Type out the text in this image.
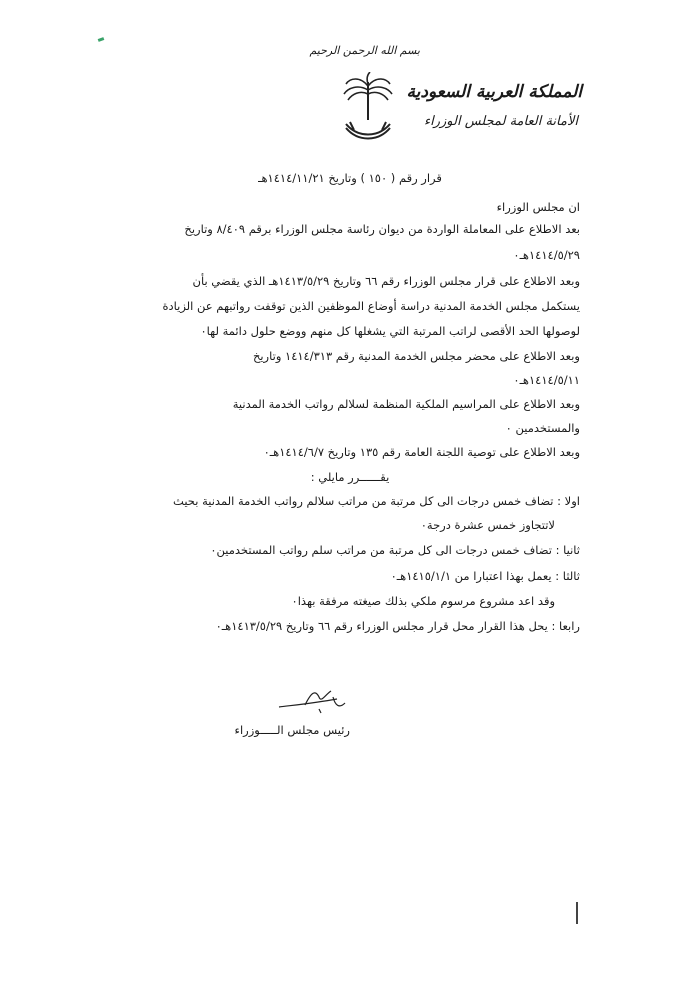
بسم الله الرحمن الرحيم
المملكة العربية السعودية
الأمانة العامة لمجلس الوزراء
قرار رقم ( ١٥٠ ) وتاريخ ١٤١٤/١١/٢١هـ
ان مجلس الوزراء
بعد الاطلاع على المعاملة الواردة من ديوان رئاسة مجلس الوزراء برقم ٨/٤٠٩ وتاريخ
١٤١٤/٥/٢٩هـ٠
وبعد الاطلاع على قرار مجلس الوزراء رقم ٦٦ وتاريخ ١٤١٣/٥/٢٩هـ الذي يقضي بأن
يستكمل مجلس الخدمة المدنية دراسة أوضاع الموظفين الذين توقفت رواتبهم عن الزيادة
لوصولها الحد الأقصى لراتب المرتبة التي يشغلها كل منهم ووضع حلول دائمة لها٠
وبعد الاطلاع على محضر مجلس الخدمة المدنية رقم ١٤١٤/٣١٣ وتاريخ
١٤١٤/٥/١١هـ٠
وبعد الاطلاع على المراسيم الملكية المنظمة لسلالم رواتب الخدمة المدنية
والمستخدمين ٠
وبعد الاطلاع على توصية اللجنة العامة رقم ١٣٥ وتاريخ ١٤١٤/٦/٧هـ٠
يقــــــرر مايلي :
اولا : تضاف خمس درجات الى كل مرتبة من مراتب سلالم رواتب الخدمة المدنية بحيث
لاتتجاوز خمس عشرة درجة٠
ثانيا : تضاف خمس درجات الى كل مرتبة من مراتب سلم رواتب المستخدمين٠
ثالثا : يعمل بهذا اعتبارا من ١٤١٥/١/١هـ٠
وقد اعد مشروع مرسوم ملكي بذلك صيغته مرفقة بهذا٠
رابعا : يحل هذا القرار محل قرار مجلس الوزراء رقم ٦٦ وتاريخ ١٤١٣/٥/٢٩هـ٠
رئيس مجلس الـــــوزراء
